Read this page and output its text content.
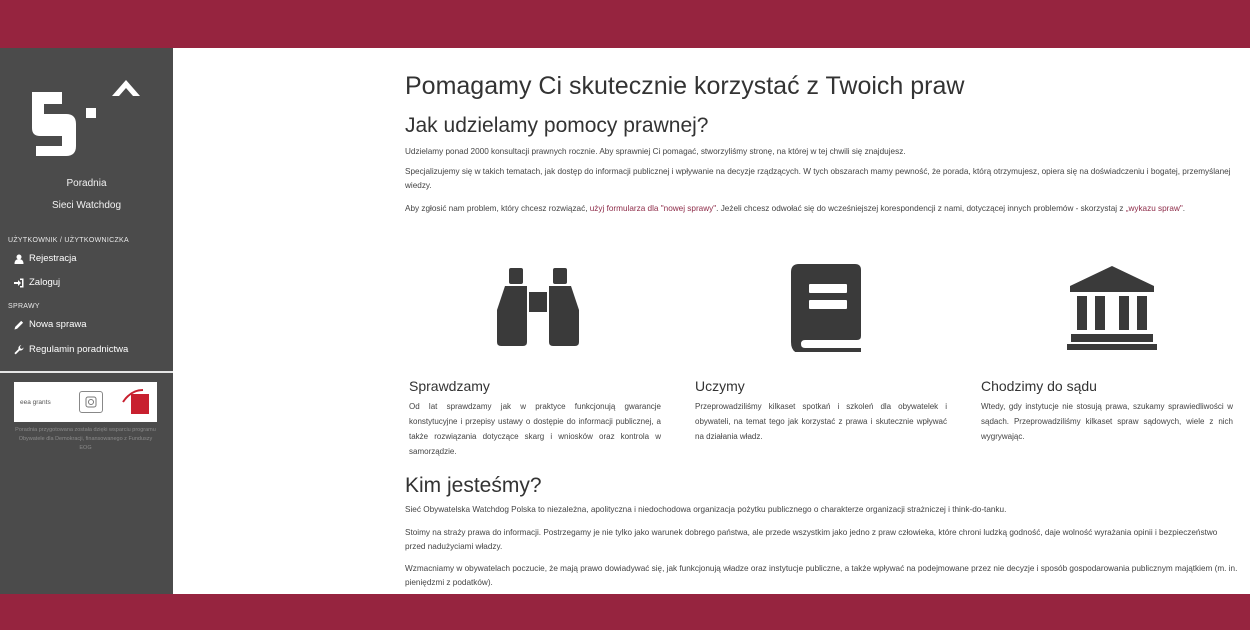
Poradnia
Sieci Watchdog
UŻYTKOWNIK / UŻYTKOWNICZKA
Rejestracja
Zaloguj
SPRAWY
Nowa sprawa
Regulamin poradnictwa
eea grants
Poradnia przygotowana została dzięki wsparciu programu Obywatele dla Demokracji, finansowanego z Funduszy EOG
Pomagamy Ci skutecznie korzystać z Twoich praw
Jak udzielamy pomocy prawnej?
Udzielamy ponad 2000 konsultacji prawnych rocznie. Aby sprawniej Ci pomagać, stworzyliśmy stronę, na której w tej chwili się znajdujesz.
Specjalizujemy się w takich tematach, jak dostęp do informacji publicznej i wpływanie na decyzje rządzących. W tych obszarach mamy pewność, że porada, którą otrzymujesz, opiera się na doświadczeniu i bogatej, przemyślanej wiedzy.
Aby zgłosić nam problem, który chcesz rozwiązać, użyj formularza dla "nowej sprawy". Jeżeli chcesz odwołać się do wcześniejszej korespondencji z nami, dotyczącej innych problemów - skorzystaj z „wykazu spraw".
Sprawdzamy
Od lat sprawdzamy jak w praktyce funkcjonują gwarancje konstytucyjne i przepisy ustawy o dostępie do informacji publicznej, a także rozwiązania dotyczące skarg i wniosków oraz kontrola w samorządzie.
Uczymy
Przeprowadziliśmy kilkaset spotkań i szkoleń dla obywatelek i obywateli, na temat tego jak korzystać z prawa i skutecznie wpływać na działania władz.
Chodzimy do sądu
Wtedy, gdy instytucje nie stosują prawa, szukamy sprawiedliwości w sądach. Przeprowadziliśmy kilkaset spraw sądowych, wiele z nich wygrywając.
Kim jesteśmy?
Sieć Obywatelska Watchdog Polska to niezależna, apolityczna i niedochodowa organizacja pożytku publicznego o charakterze organizacji strażniczej i think-do-tanku.
Stoimy na straży prawa do informacji. Postrzegamy je nie tylko jako warunek dobrego państwa, ale przede wszystkim jako jedno z praw człowieka, które chroni ludzką godność, daje wolność wyrażania opinii i bezpieczeństwo przed nadużyciami władzy.
Wzmacniamy w obywatelach poczucie, że mają prawo dowiadywać się, jak funkcjonują władze oraz instytucje publiczne, a także wpływać na podejmowane przez nie decyzje i sposób gospodarowania publicznym majątkiem (m. in. pieniędzmi z podatków).
